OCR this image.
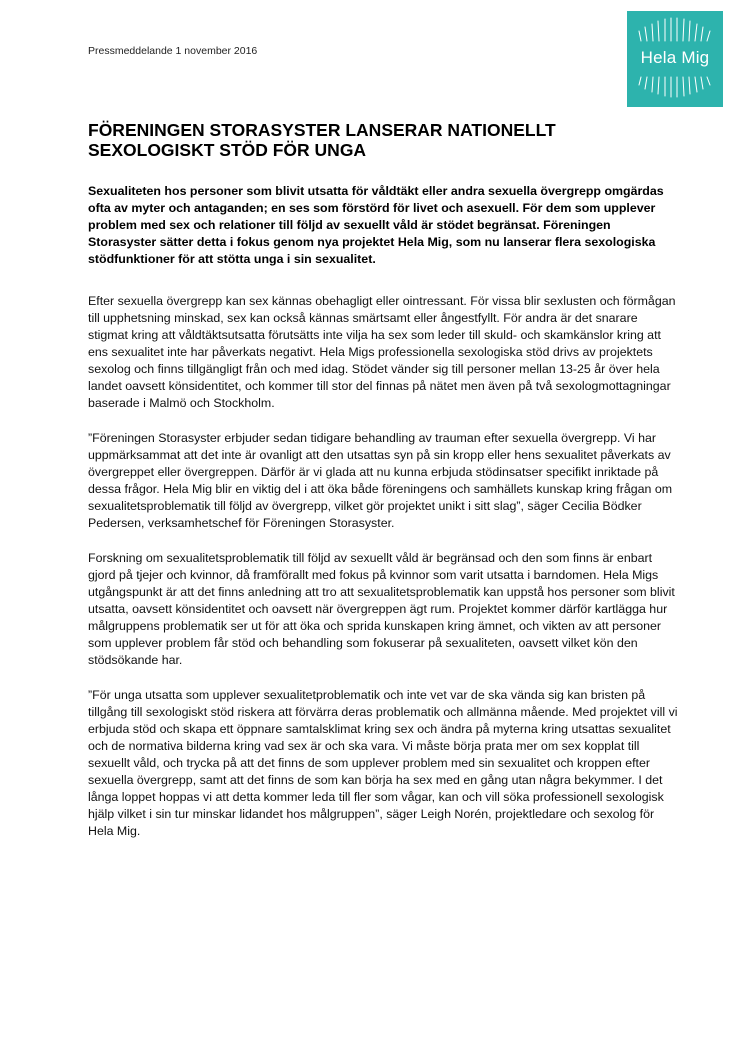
Pressmeddelande 1 november 2016	Hela Mig
FÖRENINGEN STORASYSTER LANSERAR NATIONELLT
SEXOLOGISKT STÖD FÖR UNGA
Sexualiteten hos personer som blivit utsatta för våldtäkt eller andra sexuella övergrepp omgärdas ofta av myter och antaganden; en ses som förstörd för livet och asexuell. För dem som upplever problem med sex och relationer till följd av sexuellt våld är stödet begränsat. Föreningen Storasyster sätter detta i fokus genom nya projektet Hela Mig, som nu lanserar flera sexologiska stödfunktioner för att stötta unga i sin sexualitet.

Efter sexuella övergrepp kan sex kännas obehagligt eller ointressant. För vissa blir sexlusten och förmågan till upphetsning minskad, sex kan också kännas smärtsamt eller ångestfyllt. För andra är det snarare stigmat kring att våldtäktsutsatta förutsätts inte vilja ha sex som leder till skuld- och skamkänslor kring att ens sexualitet inte har påverkats negativt. Hela Migs professionella sexologiska stöd drivs av projektets sexolog och finns tillgängligt från och med idag. Stödet vänder sig till personer mellan 13-25 år över hela landet oavsett könsidentitet, och kommer till stor del finnas på nätet men även på två sexologmottagningar baserade i Malmö och Stockholm.

”Föreningen Storasyster erbjuder sedan tidigare behandling av trauman efter sexuella övergrepp. Vi har uppmärksammat att det inte är ovanligt att den utsattas syn på sin kropp eller hens sexualitet påverkats av övergreppet eller övergreppen. Därför är vi glada att nu kunna erbjuda stödinsatser specifikt inriktade på dessa frågor. Hela Mig blir en viktig del i att öka både föreningens och samhällets kunskap kring frågan om sexualitetsproblematik till följd av övergrepp, vilket gör projektet unikt i sitt slag”, säger Cecilia Bödker Pedersen, verksamhetschef för Föreningen Storasyster.

Forskning om sexualitetsproblematik till följd av sexuellt våld är begränsad och den som finns är enbart gjord på tjejer och kvinnor, då framförallt med fokus på kvinnor som varit utsatta i barndomen. Hela Migs utgångspunkt är att det finns anledning att tro att sexualitetsproblematik kan uppstå hos personer som blivit utsatta, oavsett könsidentitet och oavsett när övergreppen ägt rum. Projektet kommer därför kartlägga hur målgruppens problematik ser ut för att öka och sprida kunskapen kring ämnet, och vikten av att personer som upplever problem får stöd och behandling som fokuserar på sexualiteten, oavsett vilket kön den stödsökande har.

”För unga utsatta som upplever sexualitetproblematik och inte vet var de ska vända sig kan bristen på tillgång till sexologiskt stöd riskera att förvärra deras problematik och allmänna mående. Med projektet vill vi erbjuda stöd och skapa ett öppnare samtalsklimat kring sex och ändra på myterna kring utsattas sexualitet och de normativa bilderna kring vad sex är och ska vara. Vi måste börja prata mer om sex kopplat till sexuellt våld, och trycka på att det finns de som upplever problem med sin sexualitet och kroppen efter sexuella övergrepp, samt att det finns de som kan börja ha sex med en gång utan några bekymmer. I det långa loppet hoppas vi att detta kommer leda till fler som vågar, kan och vill söka professionell sexologisk hjälp vilket i sin tur minskar lidandet hos målgruppen”, säger Leigh Norén, projektledare och sexolog för Hela Mig.
